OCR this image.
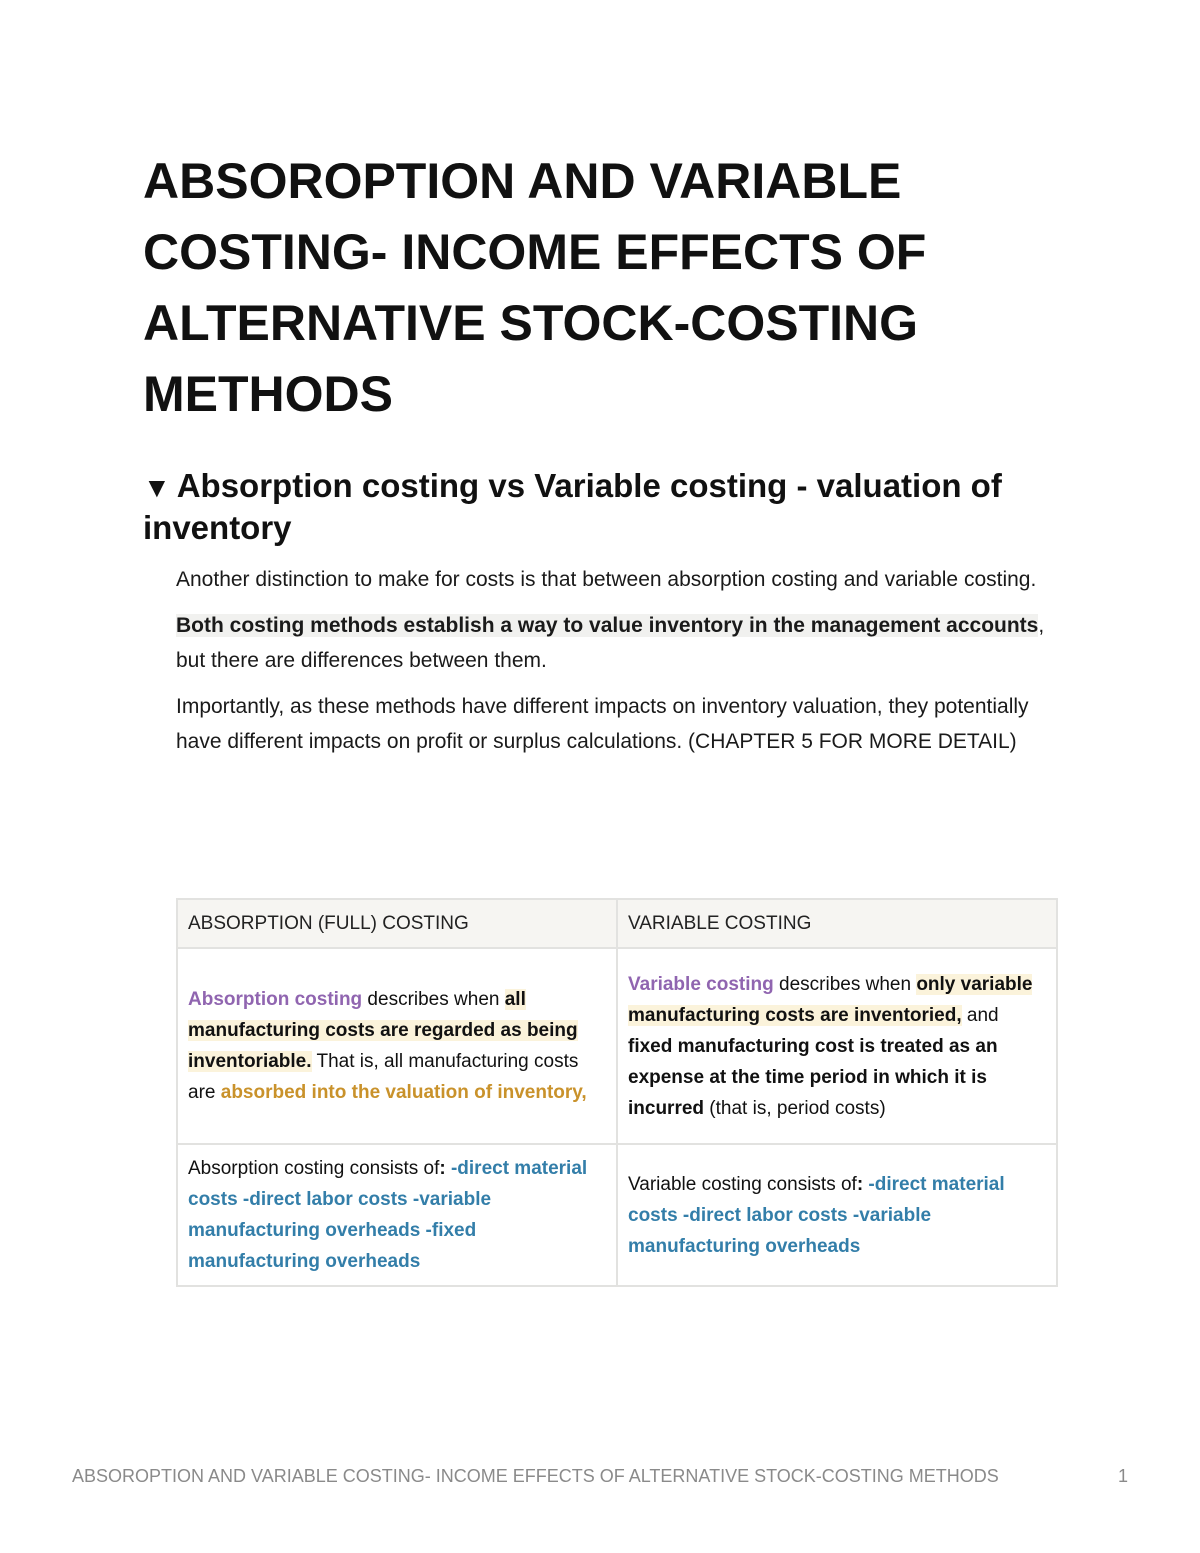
ABSOROPTION AND VARIABLE COSTING- INCOME EFFECTS OF ALTERNATIVE STOCK-COSTING METHODS
▼ Absorption costing vs Variable costing - valuation of inventory

Another distinction to make for costs is that between absorption costing and variable costing.

Both costing methods establish a way to value inventory in the management accounts, but there are differences between them.

Importantly, as these methods have different impacts on inventory valuation, they potentially have different impacts on profit or surplus calculations. (CHAPTER 5 FOR MORE DETAIL)

ABSORPTION (FULL) COSTING	VARIABLE COSTING
Absorption costing describes when all manufacturing costs are regarded as being inventoriable. That is, all manufacturing costs are absorbed into the valuation of inventory,	Variable costing describes when only variable manufacturing costs are inventoried, and fixed manufacturing cost is treated as an expense at the time period in which it is incurred (that is, period costs)
Absorption costing consists of: -direct material costs -direct labor costs -variable manufacturing overheads -fixed manufacturing overheads	Variable costing consists of: -direct material costs -direct labor costs -variable manufacturing overheads
ABSOROPTION AND VARIABLE COSTING- INCOME EFFECTS OF ALTERNATIVE STOCK-COSTING METHODS	1
